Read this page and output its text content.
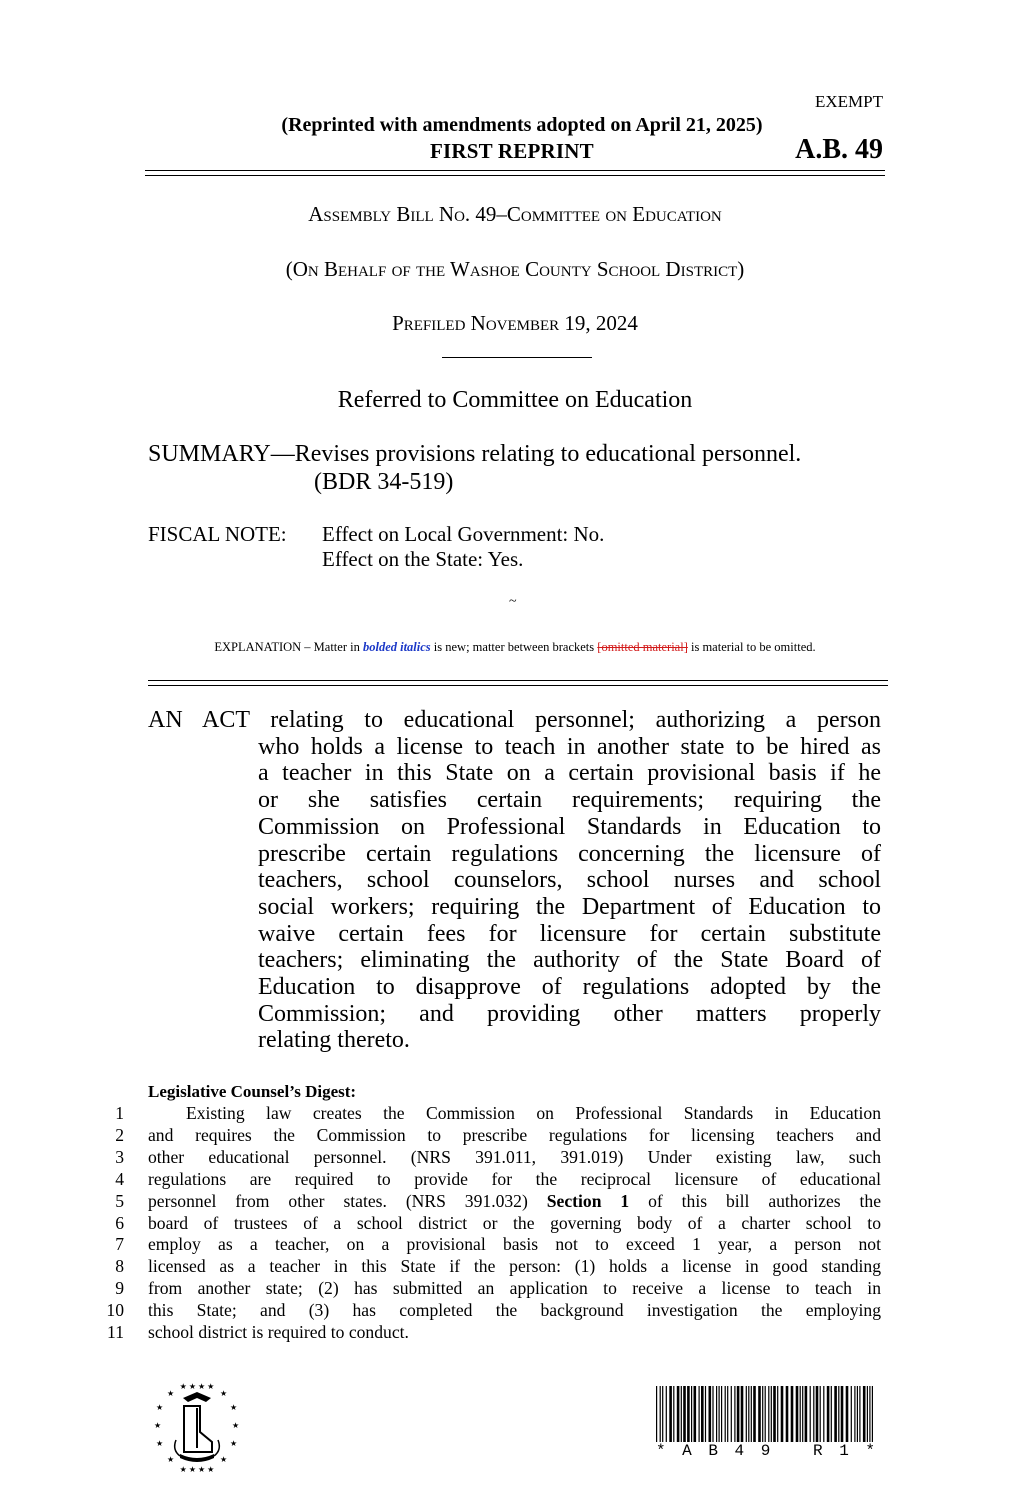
EXEMPT
(Reprinted with amendments adopted on April 21, 2025)
FIRST REPRINT	A.B. 49
Assembly Bill No. 49–Committee on Education
(On Behalf of the Washoe County School District)
Prefiled November 19, 2024
Referred to Committee on Education
SUMMARY—Revises provisions relating to educational personnel.
(BDR 34-519)
FISCAL NOTE:	Effect on Local Government: No.
Effect on the State: Yes.
~
EXPLANATION – Matter in bolded italics is new; matter between brackets [omitted material] is material to be omitted.
AN ACT relating to educational personnel; authorizing a person
who holds a license to teach in another state to be hired as
a teacher in this State on a certain provisional basis if he
or she satisfies certain requirements; requiring the
Commission on Professional Standards in Education to
prescribe certain regulations concerning the licensure of
teachers, school counselors, school nurses and school
social workers; requiring the Department of Education to
waive certain fees for licensure for certain substitute
teachers; eliminating the authority of the State Board of
Education to disapprove of regulations adopted by the
Commission; and providing other matters properly
relating thereto.
Legislative Counsel’s Digest:
1	Existing law creates the Commission on Professional Standards in Education
2 and requires the Commission to prescribe regulations for licensing teachers and
3 other educational personnel. (NRS 391.011, 391.019) Under existing law, such
4 regulations are required to provide for the reciprocal licensure of educational
5 personnel from other states. (NRS 391.032) Section 1 of this bill authorizes the
6 board of trustees of a school district or the governing body of a charter school to
7 employ as a teacher, on a provisional basis not to exceed 1 year, a person not
8 licensed as a teacher in this State if the person: (1) holds a license in good standing
9 from another state; (2) has submitted an application to receive a license to teach in
10 this State; and (3) has completed the background investigation the employing
11 school district is required to conduct.
★ ★ ★ ★
★
★
★
★
★
★
★ ★ ★ ★
★	★
★	★
* A B 4 9
R 1 *
